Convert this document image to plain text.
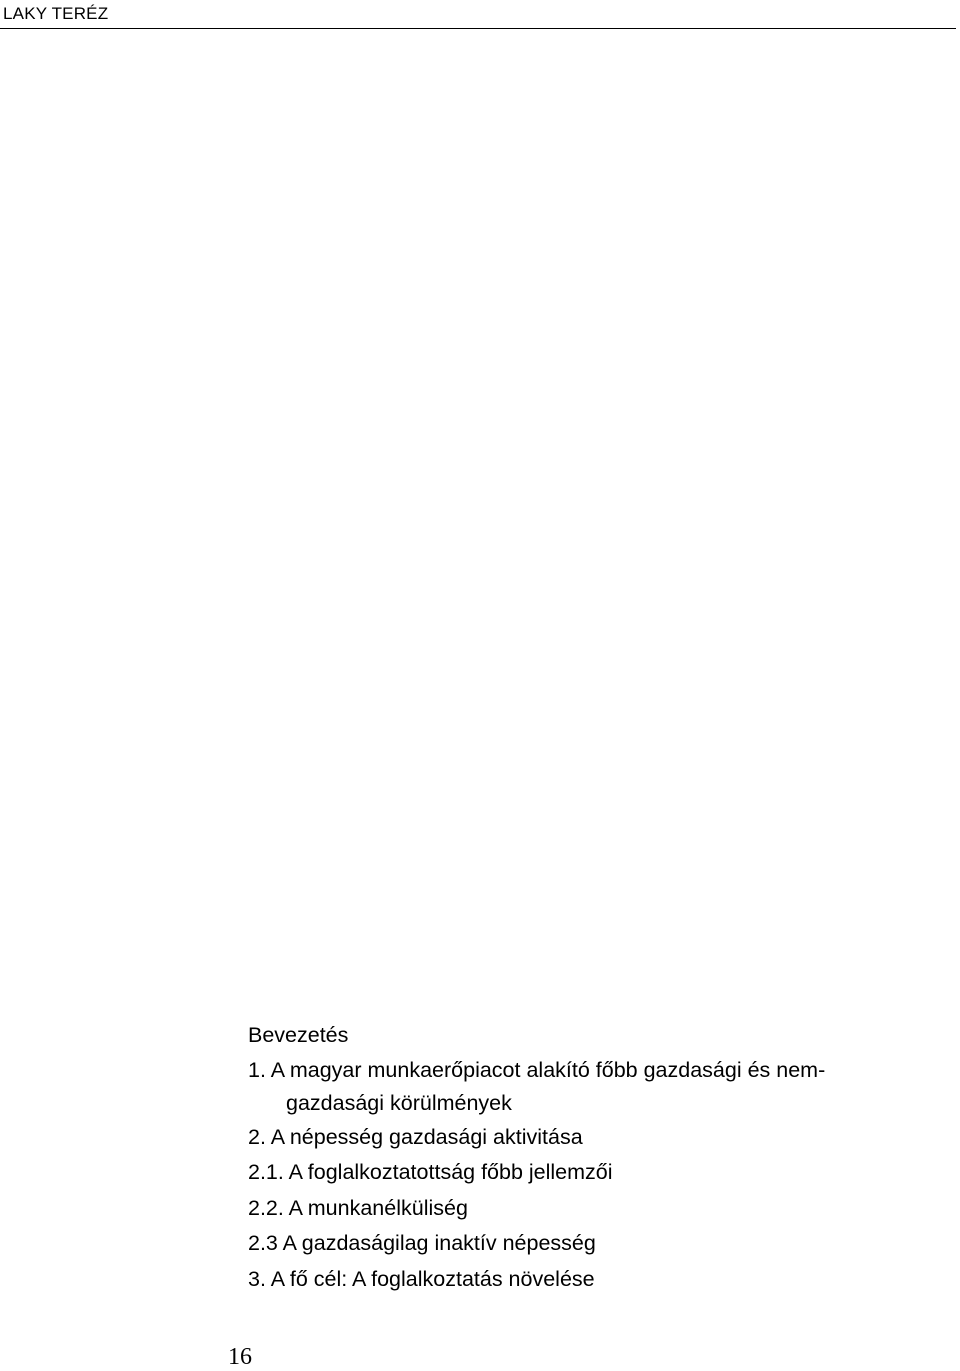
LAKY TERÉZ
Bevezetés
1. A magyar munkaerőpiacot alakító főbb gazdasági és nem-gazdasági körülmények
2. A népesség gazdasági aktivitása
2.1. A foglalkoztatottság főbb jellemzői
2.2. A munkanélküliség
2.3 A gazdaságilag inaktív népesség
3. A fő cél: A foglalkoztatás növelése
16
